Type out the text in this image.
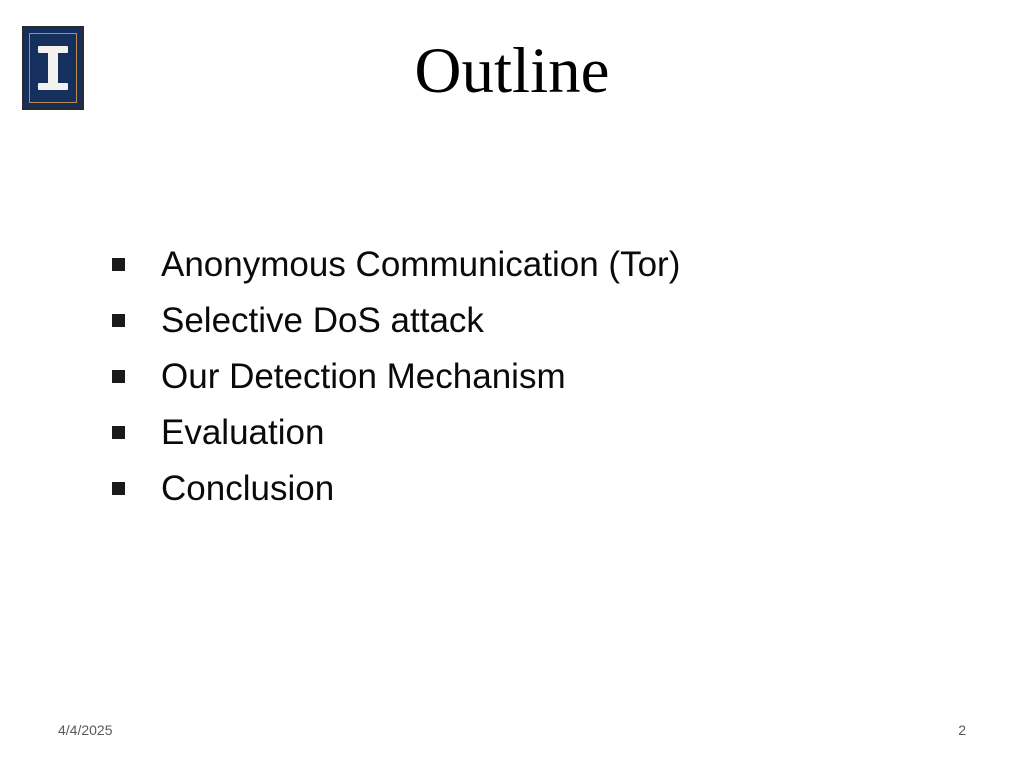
Outline
Anonymous Communication (Tor)
Selective DoS attack
Our Detection Mechanism
Evaluation
Conclusion
4/4/2025	2
